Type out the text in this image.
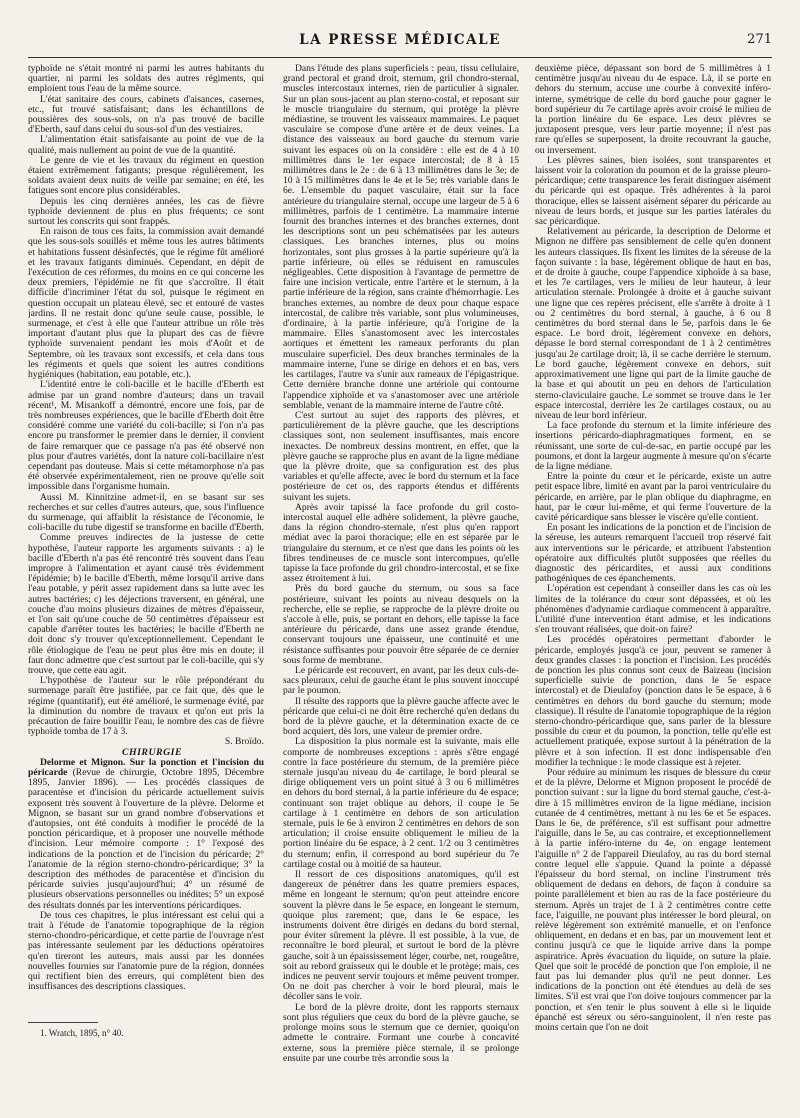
LA PRESSE MÉDICALE	271

typhoïde ne s'était montré ni parmi les autres habitants du quartier, ni parmi les soldats des autres régiments, qui emploient tous l'eau de la même source.

L'état sanitaire des cours, cabinets d'aisances, casernes, etc., fut trouvé satisfaisant; dans les échantillons de poussières des sous-sols, on n'a pas trouvé de bacille d'Eberth, sauf dans celui du sous-sol d'un des vestiaires.

L'alimentation était satisfaisante au point de vue de la qualité, mais nullement au point de vue de la quantité.

Le genre de vie et les travaux du régiment en question étaient extrêmement fatigants; presque régulièrement, les soldats avaient deux nuits de veille par semaine; en été, les fatigues sont encore plus considérables.

Depuis les cinq dernières années, les cas de fièvre typhoïde deviennent de plus en plus fréquents; ce sont surtout les conscrits qui sont frappés.

En raison de tous ces faits, la commission avait demandé que les sous-sols souillés et même tous les autres bâtiments et habitations fussent désinfectés, que le régime fût amélioré et les travaux fatigants diminués. Cependant, en dépit de l'exécution de ces réformes, du moins en ce qui concerne les deux premiers, l'épidémie ne fit que s'accroître. Il était difficile d'incriminer l'état du sol, puisque le régiment en question occupait un plateau élevé, sec et entouré de vastes jardins. Il ne restait donc qu'une seule cause, possible, le surmenage, et c'est à elle que l'auteur attribue un rôle très important d'autant plus que la plupart des cas de fièvre typhoïde survenaient pendant les mois d'Août et de Septembre, où les travaux sont excessifs, et cela dans tous les régiments et quels que soient les autres conditions hygiéniques (habitation, eau potable, etc.).

L'identité entre le coli-bacille et le bacille d'Eberth est admise par un grand nombre d'auteurs; dans un travail récent¹, M. Misankoff a démontré, encore une fois, par de très nombreuses expériences, que le bacille d'Eberth doit être considéré comme une variété du coli-bacille; si l'on n'a pas encore pu transformer le premier dans le dernier, il convient de faire remarquer que ce passage n'a pas été observé non plus pour d'autres variétés, dont la nature coli-bacillaire n'est cependant pas douteuse. Mais si cette métamorphose n'a pas été observée expérimentalement, rien ne prouve qu'elle soit impossible dans l'organisme humain.

Aussi M. Kinnitzine admet-il, en se basant sur ses recherches et sur celles d'autres auteurs, que, sous l'influence du surmenage, qui affaiblit la résistance de l'économie, le coli-bacille du tube digestif se transforme en bacille d'Eberth.

Comme preuves indirectes de la justesse de cette hypothèse, l'auteur rapporte les arguments suivants : a) le bacille d'Eberth n'a pas été rencontré très souvent dans l'eau impropre à l'alimentation et ayant causé très évidemment l'épidémie; b) le bacille d'Eberth, même lorsqu'il arrive dans l'eau potable, y périt assez rapidement dans sa lutte avec les autres bactéries; c) les déjections traversent, en général, une couche d'au moins plusieurs dizaines de mètres d'épaisseur, et l'on sait qu'une couche de 50 centimètres d'épaisseur est capable d'arrêter toutes les bactéries; le bacille d'Eberth ne doit donc s'y trouver qu'exceptionnellement. Cependant le rôle étiologique de l'eau ne peut plus être mis en doute; il faut donc admettre que c'est surtout par le coli-bacille, qui s'y trouve, que cette eau agit.

L'hypothèse de l'auteur sur le rôle prépondérant du surmenage paraît être justifiée, par ce fait que, dès que le régime (quantitatif), eut été amélioré, le surmenage évité, par la diminution du nombre de travaux et qu'on eut pris la précaution de faire bouillir l'eau, le nombre des cas de fièvre typhoïde tomba de 17 à 3.

S. Broïdo.

CHIRURGIE

Delorme et Mignon. Sur la ponction et l'incision du péricarde (Revue de chirurgie, Octobre 1895, Décembre 1895, Janvier 1896). — Les procédés classiques de paracentèse et d'incision du péricarde actuellement suivis exposent très souvent à l'ouverture de la plèvre. Delorme et Mignon, se basant sur un grand nombre d'observations et d'autopsies, ont été conduits à modifier le procédé de la ponction péricardique, et à proposer une nouvelle méthode d'incision. Leur mémoire comporte : 1° l'exposé des indications de la ponction et de l'incision du péricarde; 2° l'anatomie de la région sterno-chondro-péricardique; 3° la description des méthodes de paracentèse et d'incision du péricarde suivies jusqu'aujourd'hui; 4° un résumé de plusieurs observations personnelles ou inédites; 5° un exposé des résultats donnés par les interventions péricardiques.

De tous ces chapitres, le plus intéressant est celui qui a trait à l'étude de l'anatomie topographique de la région sterno-chondro-péricardique, et cette partie de l'ouvrage n'est pas intéressante seulement par les déductions opératoires qu'en tireront les auteurs, mais aussi par les données nouvelles fournies sur l'anatomie pure de la région, données qui rectifient bien des erreurs, qui complètent bien des insuffisances des descriptions classiques.

1. Wratch, 1895, n° 40.

Dans l'étude des plans superficiels : peau, tissu cellulaire, grand pectoral et grand droit, sternum, gril chondro-sternal, muscles intercostaux internes, rien de particulier à signaler. Sur un plan sous-jacent au plan sterno-costal, et reposant sur le muscle triangulaire du sternum, qui protège la plèvre médiastine, se trouvent les vaisseaux mammaires. Le paquet vasculaire se compose d'une artère et de deux veines. La distance des vaisseaux au bord gauche du sternum varie suivant les espaces où on la considère : elle est de 4 à 10 millimètres dans le 1er espace intercostal; de 8 à 15 millimètres dans le 2e : de 6 à 13 millimètres dans le 3e; de 10 à 15 millimètres dans le 4e et le 5e; très variable dans le 6e. L'ensemble du paquet vasculaire, était sur la face antérieure du triangulaire sternal, occupe une largeur de 5 à 6 millimètres, parfois de 1 centimètre. La mammaire interne fournit des branches internes et des branches externes, dont les descriptions sont un peu schématisées par les auteurs classiques. Les branches internes, plus ou moins horizontales, sont plus grosses à la partie supérieure qu'à la partie inférieure, où elles se réduisent en ramuscules négligeables. Cette disposition à l'avantage de permettre de faire une incision verticale, entre l'artère et le sternum, à la partie inférieure de la région, sans crainte d'hémorrhagie. Les branches externes, au nombre de deux pour chaque espace intercostal, de calibre très variable, sont plus volumineuses, d'ordinaire, à la partie inférieure, qu'à l'origine de la mammaire. Elles s'anastomosent avec les intercostales aortiques et émettent les rameaux perforants du plan musculaire superficiel. Des deux branches terminales de la mammaire interne, l'une se dirige en dehors et en bas, vers les cartilages, l'autre va s'unir aux rameaux de l'épigastrique. Cette dernière branche donne une artériole qui contourne l'appendice xiphoïde et va s'anastomoser avec une artériole semblable, venant de la mammaire interne de l'autre côté.

C'est surtout au sujet des rapports des plèvres, et particulièrement de la plèvre gauche, que les descriptions classiques sont, non seulement insuffisantes, mais encore inexactes. De nombreux dessins montrent, en effet, que la plèvre gauche se rapproche plus en avant de la ligne médiane que la plèvre droite, que sa configuration est des plus variables et qu'elle affecte, avec le bord du sternum et la face postérieure de cet os, des rapports étendus et différents suivant les sujets.

Après avoir tapissé la face profonde du gril costo-intercostal auquel elle adhère solidement, la plèvre gauche, dans la région chondro-sternale, n'est plus qu'en rapport médiat avec la paroi thoracique; elle en est séparée par le triangulaire du sternum, et ce n'est que dans les points où les fibres tendineuses de ce muscle sont intercompues, qu'elle tapisse la face profonde du gril chondro-intercostal, et se fixe assez étroitement à lui.

Près du bord gauche du sternum, ou sous sa face postérieure, suivant les points au niveau desquels on la recherche, elle se replie, se rapproche de la plèvre droite ou s'accole à elle, puis, se portant en dehors, elle tapisse la face antérieure du péricarde, dans une assez grande étendue, conservant toujours une épaisseur, une continuité et une résistance suffisantes pour pouvoir être séparée de ce dernier sous forme de membrane.

Le péricarde est recouvert, en avant, par les deux culs-de-sacs pleuraux, celui de gauche étant le plus souvent inoccupé par le poumon.

Il résulte des rapports que la plèvre gauche affecte avec le péricarde que celui-ci ne doit être recherché qu'en dedans du bord de la plèvre gauche, et la détermination exacte de ce bord acquiert, dès lors, une valeur de premier ordre.

La disposition la plus normale est la suivante, mais elle comporte de nombreuses exceptions : après s'être engagé contre la face postérieure du sternum, de la première pièce sternale jusqu'au niveau du 4e cartilage, le bord pleural se dirige obliquement vers un point situé à 3 ou 6 millimètres en dehors du bord sternal, à la partie inférieure du 4e espace; continuant son trajet oblique au dehors, il coupe le 5e cartilage à 1 centimètre en dehors de son articulation sternale, puis le 6e à environ 2 centimètres en dehors de son articulation; il croise ensuite obliquement le milieu de la portion linéaire du 6e espace, à 2 cent. 1/2 ou 3 centimètres du sternum; enfin, il correspond au bord supérieur du 7e cartilage costal ou à moitié de sa hauteur.

Il ressort de ces dispositions anatomiques, qu'il est dangereux de pénétrer dans les quatre premiers espaces, même en longeant le sternum; qu'on peut atteindre encore souvent la plèvre dans le 5e espace, en longeant le sternum, quoique plus rarement; que, dans le 6e espace, les instruments doivent être dirigés en dedans du bord sternal, pour éviter sûrement la plèvre. Il est possible, à la vue, de reconnaître le bord pleural, et surtout le bord de la plèvre gauche, soit à un épaississement léger, courbe, net, rougeâtre, soit au rebord graisseux qui le double et le protège; mais, ces indices ne peuvent servir toujours et même peuvent tromper. On ne doit pas chercher à voir le bord pleural, mais le décoller sans le voir.

Le bord de la plèvre droite, dont les rapports sternaux sont plus réguliers que ceux du bord de la plèvre gauche, se prolonge moins sous le sternum que ce dernier, quoiqu'on admette le contraire. Formant une courbe à concavité externe, sous la première pièce sternale, il se prolonge ensuite par une courbe très arrondie sous la

deuxième pièce, dépassant son bord de 5 millimètres à 1 centimètre jusqu'au niveau du 4e espace. Là, il se porte en dehors du sternum, accuse une courbe à convexité inféro-interne, symétrique de celle du bord gauche pour gagner le bord supérieur du 7e cartilage après avoir croisé le milieu de la portion linéaire du 6e espace. Les deux plèvres se juxtaposent presque, vers leur partie moyenne; il n'est pas rare qu'elles se superposent, la droite recouvrant la gauche, ou inversement.

Les plèvres saines, bien isolées, sont transparentes et laissent voir la coloration du poumon et de la graisse pleuro-péricardique; cette transparence les ferait distinguer aisément du péricarde qui est opaque. Très adhérentes à la paroi thoracique, elles se laissent aisément séparer du péricarde au niveau de leurs bords, et jusque sur les parties latérales du sac péricardique.

Relativement au péricarde, la description de Delorme et Mignon ne diffère pas sensiblement de celle qu'en donnent les auteurs classiques. Ils fixent les limites de la séreuse de la façon suivante : la base, légèrement oblique de haut en bas, et de droite à gauche, coupe l'appendice xiphoïde à sa base, et les 7e cartilages, vers le milieu de leur hauteur, à leur articulation sternale. Prolongée à droite et à gauche suivant une ligne que ces repères précisent, elle s'arrête à droite à 1 ou 2 centimètres du bord sternal, à gauche, à 6 ou 8 centimètres du bord sternal dans le 5e, parfois dans le 6e espace. Le bord droit, légèrement convexe en dehors, dépasse le bord sternal correspondant de 1 à 2 centimètres jusqu'au 2e cartilage droit; là, il se cache derrière le sternum. Le bord gauche, légèrement convexe en dehors, suit approximativement une ligne qui part de la limite gauche de la base et qui aboutit un peu en dehors de l'articulation sterno-claviculaire gauche. Le sommet se trouve dans le 1er espace intercostal, derrière les 2e cartilages costaux, ou au niveau de leur bord inférieur.

La face profonde du sternum et la limite inférieure des insertions péricardo-diaphragmatiques forment, en se réunissant, une sorte de cul-de-sac, en partie occupé par les poumons, et dont la largeur augmente à mesure qu'on s'écarte de la ligne médiane.

Entre la pointe du cœur et le péricarde, existe un autre petit espace libre, limité en avant par la paroi ventriculaire du péricarde, en arrière, par le plan oblique du diaphragme, en haut, par le cœur lui-même, et qui ferme l'ouverture de la cavité péricardique sans blesser le viscère qu'elle contient.

En posant les indications de la ponction et de l'incision de la séreuse, les auteurs remarquent l'accueil trop réservé fait aux interventions sur le péricarde, et attribuent l'abstention opératoire aux difficultés plutôt supposées que réelles du diagnostic des péricardites, et aussi aux conditions pathogéniques de ces épanchements.

L'opération est cependant à conseiller dans les cas où les limites de la tolérance du cœur sont dépassées, et où les phénomènes d'adynamie cardiaque commencent à apparaître. L'utilité d'une intervention étant admise, et les indications s'en trouvant réalisées, que doit-on faire?

Les procédés opératoires permettant d'aborder le péricarde, employés jusqu'à ce jour, peuvent se ramener à deux grandes classes : la ponction et l'incision. Les procédés de ponction les plus connus sont ceux de Baizeau (incision superficielle suivie de ponction, dans le 5e espace intercostal) et de Dieulafoy (ponction dans le 5e espace, à 6 centimètres en dehors du bord gauche du sternum; mode classique). Il résulte de l'anatomie topographique de la région sterno-chondro-péricardique que, sans parler de la blessure possible du cœur et du poumon, la ponction, telle qu'elle est actuellement pratiquée, expose surtout à la pénétration de la plèvre et à son infection. Il est donc indispensable d'en modifier la technique : le mode classique est à rejeter.

Pour réduire au minimum les risques de blessure du cœur et de la plèvre, Delorme et Mignon proposent le procédé de ponction suivant : sur la ligne du bord sternal gauche, c'est-à-dire à 15 millimètres environ de la ligne médiane, incision cutanée de 4 centimètres, mettant à nu les 6e et 5e espaces. Dans le 6e, de préférence, s'il est suffisant pour admettre l'aiguille, dans le 5e, au cas contraire, et exceptionnellement à la partie inféro-interne du 4e, on engage lentement l'aiguille n° 2 de l'appareil Dieulafoy, au ras du bord sternal contre lequel elle s'appuie. Quand la pointe a dépassé l'épaisseur du bord sternal, on incline l'instrument très obliquement de dedans en dehors, de façon à conduire sa pointe parallèlement et bien au ras de la face postérieure du sternum. Après un trajet de 1 à 2 centimètres contre cette face, l'aiguille, ne pouvant plus intéresser le bord pleural, on relève légèrement son extrémité manuelle, et on l'enfonce obliquement, en dedans et en bas, par un mouvement lent et continu jusqu'à ce que le liquide arrive dans la pompe aspiratrice. Après évacuation du liquide, on suture la plaie. Quel que soit le procédé de ponction que l'on emploie, il ne faut pas lui demander plus qu'il ne peut donner. Les indications de la ponction ont été étendues au delà de ses limites. S'il est vrai que l'on doive toujours commencer par la ponction, et s'en tenir le plus souvent à elle si le liquide épanché est séreux ou séro-sanguinolent, il n'en reste pas moins certain que l'on ne doit
